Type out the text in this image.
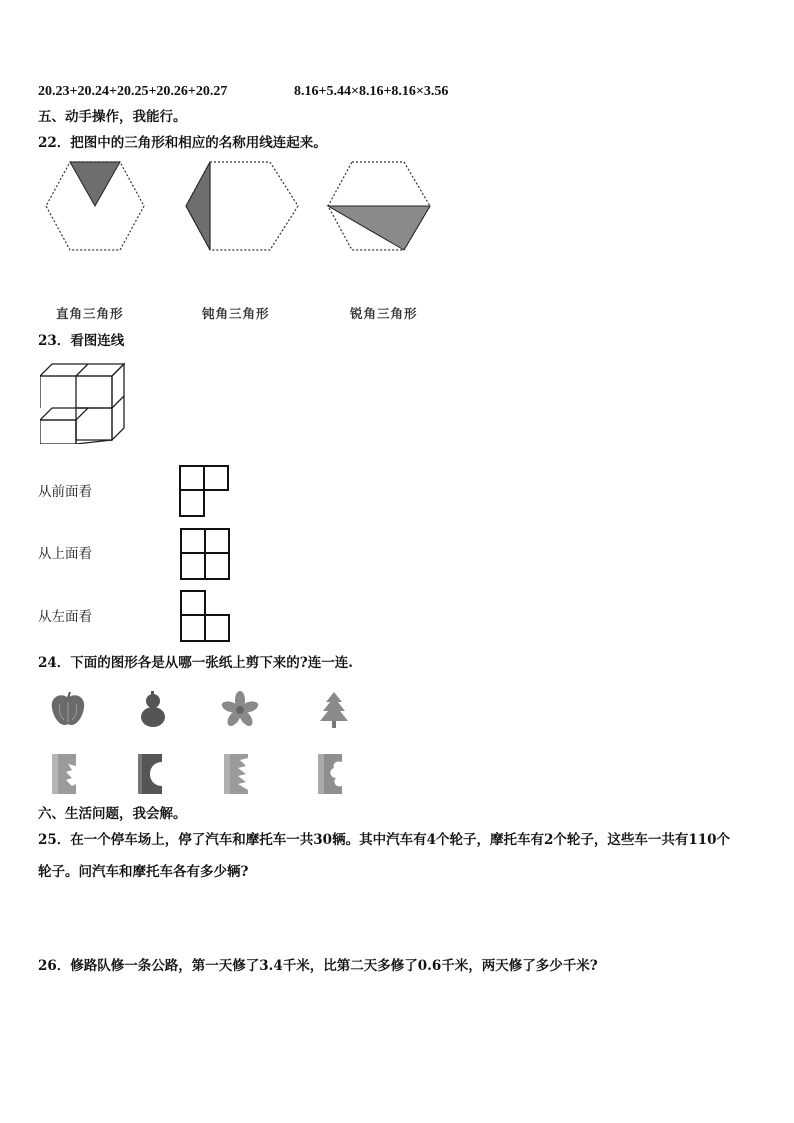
20.23+20.24+20.25+20.26+20.27	8.16+5.44×8.16+8.16×3.56
五、动手操作，我能行。
22．把图中的三角形和相应的名称用线连起来。
直角三角形	钝角三角形	锐角三角形
23．看图连线
从前面看
从上面看
从左面看
24．下面的图形各是从哪一张纸上剪下来的?连一连.
六、生活问题，我会解。
25．在一个停车场上，停了汽车和摩托车一共30辆。其中汽车有4个轮子，摩托车有2个轮子，这些车一共有110个
轮子。问汽车和摩托车各有多少辆?
26．修路队修一条公路，第一天修了3.4千米，比第二天多修了0.6千米，两天修了多少千米?
